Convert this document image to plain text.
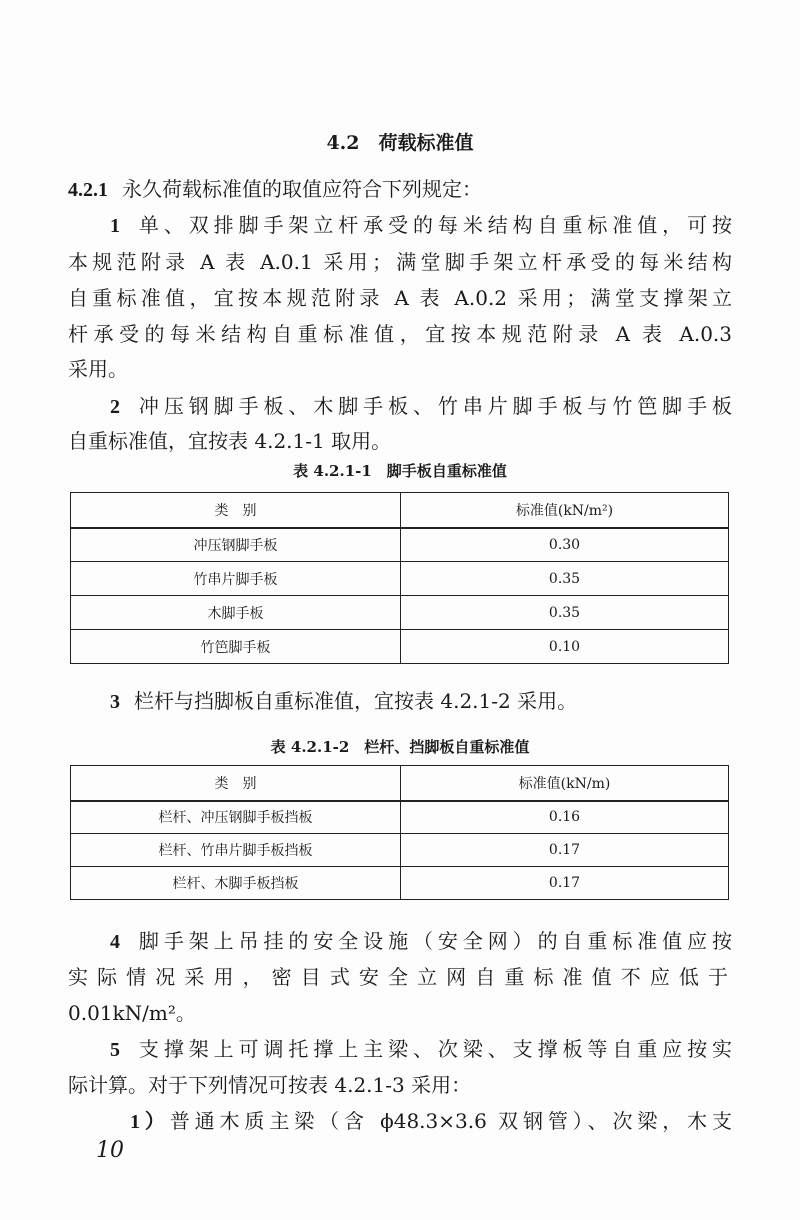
4.2　 荷载标准值
4.2.1 永久荷载标准值的取值应符合下列规定：
1 单、双排脚手架立杆承受的每米结构自重标准值，可按
本规范附录 A 表 A.0.1 采用；满堂脚手架立杆承受的每米结构
自重标准值，宜按本规范附录 A 表 A.0.2 采用；满堂支撑架立
杆承受的每米结构自重标准值，宜按本规范附录 A 表 A.0.3
采用。
2 冲压钢脚手板、木脚手板、竹串片脚手板与竹笆脚手板
自重标准值，宜按表 4.2.1-1 取用。
表 4.2.1-1　脚手板自重标准值
类　别	标准值(kN/m²)
冲压钢脚手板	0.30
竹串片脚手板	0.35
木脚手板	0.35
竹笆脚手板	0.10
3 栏杆与挡脚板自重标准值，宜按表 4.2.1-2 采用。
表 4.2.1-2　栏杆、挡脚板自重标准值
类　别	标准值(kN/m)
栏杆、冲压钢脚手板挡板	0.16
栏杆、竹串片脚手板挡板	0.17
栏杆、木脚手板挡板	0.17
4 脚手架上吊挂的安全设施（安全网）的自重标准值应按
实际情况采用，密目式安全立网自重标准值不应低于
0.01kN/m²。
5 支撑架上可调托撑上主梁、次梁、支撑板等自重应按实
际计算。对于下列情况可按表 4.2.1-3 采用：
1）普通木质主梁（含 ϕ48.3×3.6 双钢管）、次梁，木支
10
